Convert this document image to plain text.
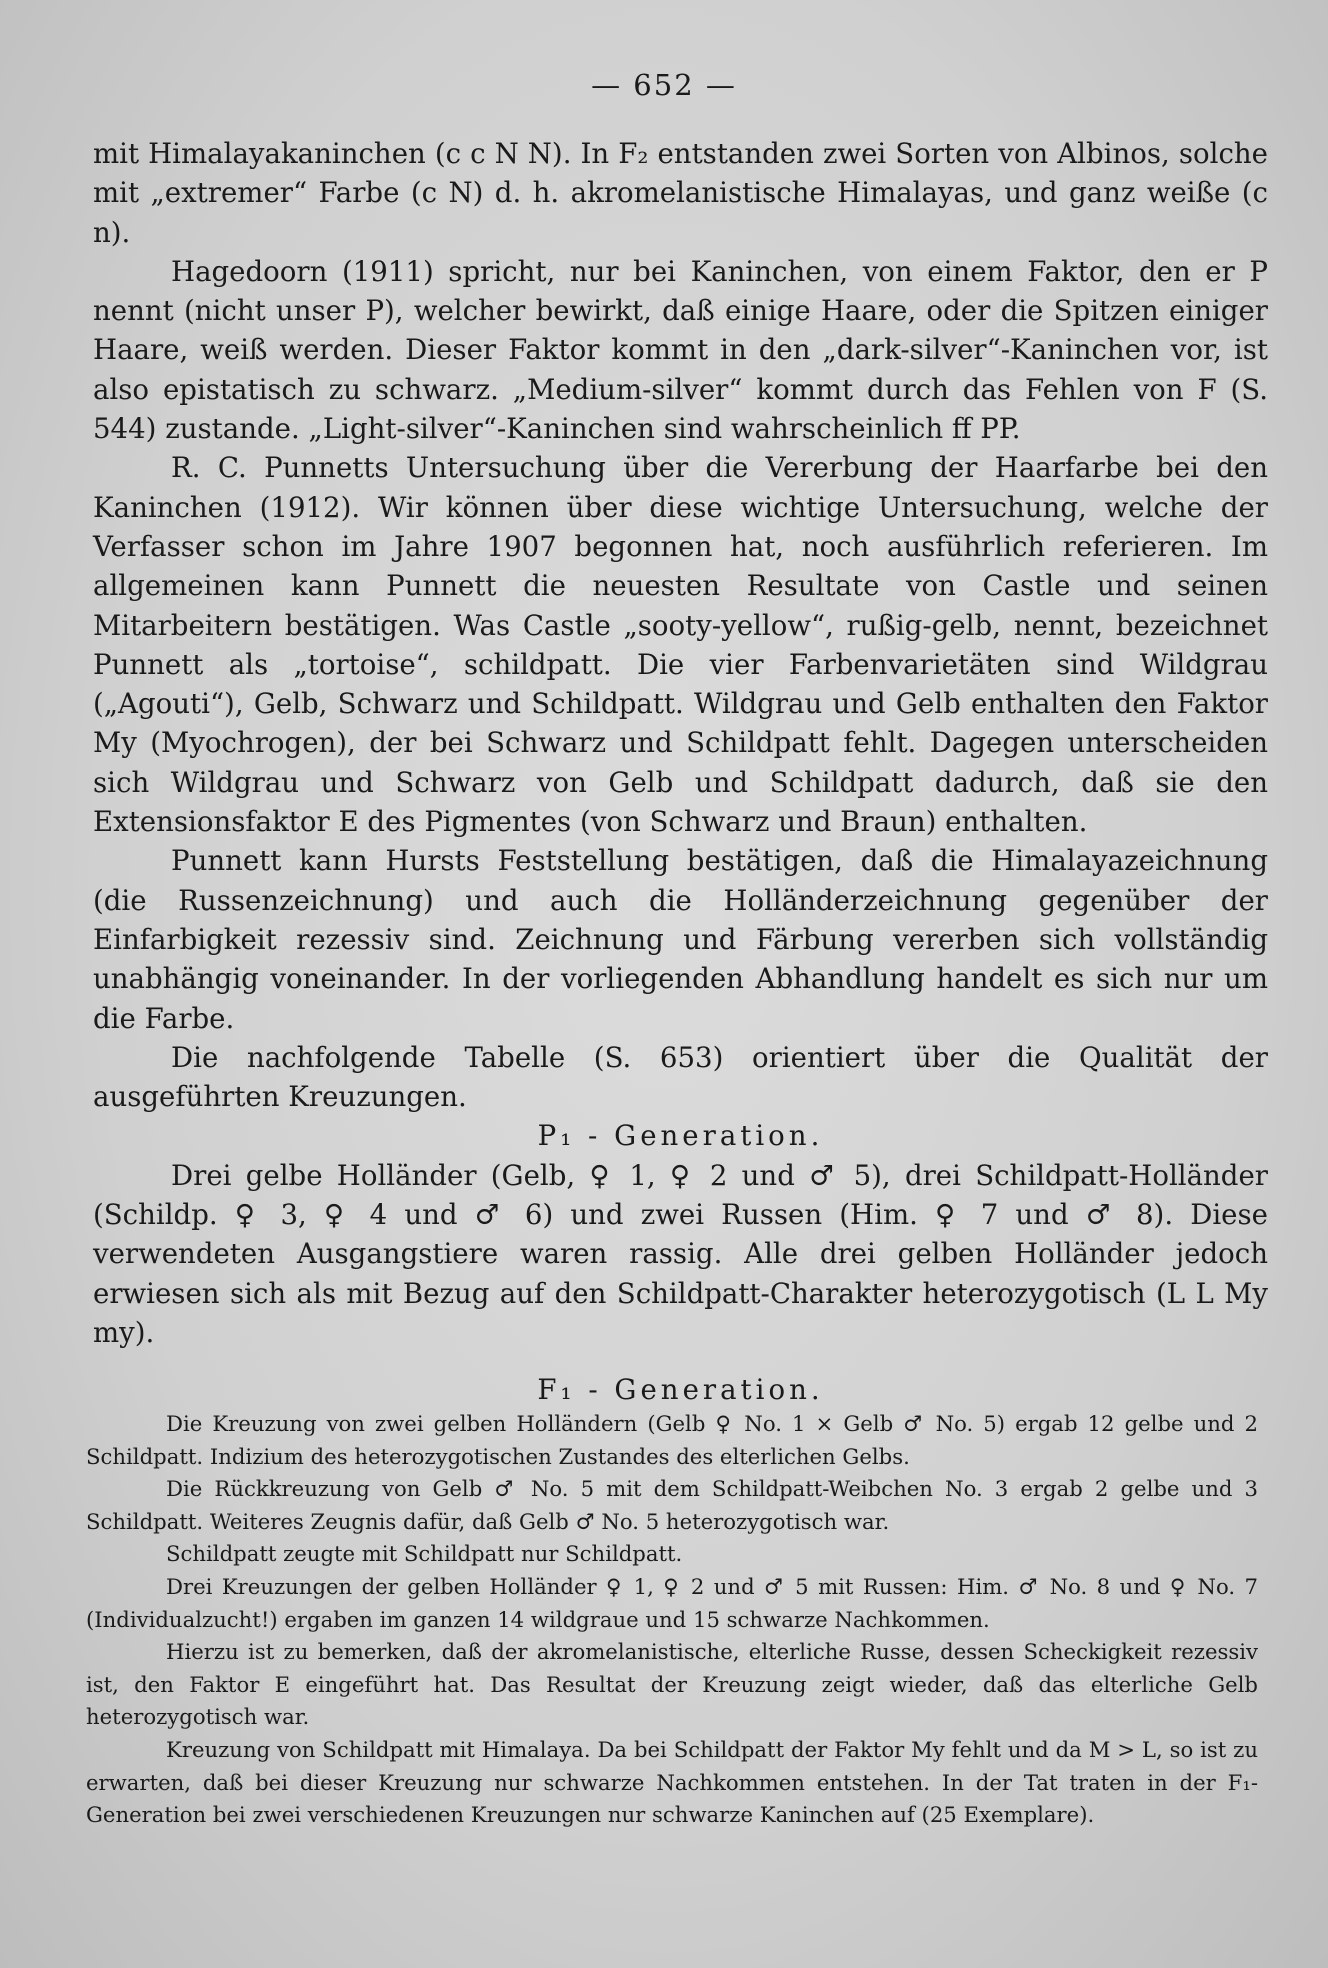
— 652 —

mit Himalayakaninchen (c c N N). In F₂ entstanden zwei Sorten von Albinos, solche mit „extremer“ Farbe (c N) d. h. akromelanistische Himalayas, und ganz weiße (c n).

Hagedoorn (1911) spricht, nur bei Kaninchen, von einem Faktor, den er P nennt (nicht unser P), welcher bewirkt, daß einige Haare, oder die Spitzen einiger Haare, weiß werden. Dieser Faktor kommt in den „dark-silver“-Kaninchen vor, ist also epistatisch zu schwarz. „Medium-silver“ kommt durch das Fehlen von F (S. 544) zustande. „Light-silver“-Kaninchen sind wahrscheinlich ff PP.

R. C. Punnetts Untersuchung über die Vererbung der Haarfarbe bei den Kaninchen (1912). Wir können über diese wichtige Untersuchung, welche der Verfasser schon im Jahre 1907 begonnen hat, noch ausführlich referieren. Im allgemeinen kann Punnett die neuesten Resultate von Castle und seinen Mitarbeitern bestätigen. Was Castle „sooty-yellow“, rußig-gelb, nennt, bezeichnet Punnett als „tortoise“, schildpatt. Die vier Farbenvarietäten sind Wildgrau („Agouti“), Gelb, Schwarz und Schildpatt. Wildgrau und Gelb enthalten den Faktor My (Myochrogen), der bei Schwarz und Schildpatt fehlt. Dagegen unterscheiden sich Wildgrau und Schwarz von Gelb und Schildpatt dadurch, daß sie den Extensionsfaktor E des Pigmentes (von Schwarz und Braun) enthalten.

Punnett kann Hursts Feststellung bestätigen, daß die Himalayazeichnung (die Russenzeichnung) und auch die Holländerzeichnung gegenüber der Einfarbigkeit rezessiv sind. Zeichnung und Färbung vererben sich vollständig unabhängig voneinander. In der vorliegenden Abhandlung handelt es sich nur um die Farbe.

Die nachfolgende Tabelle (S. 653) orientiert über die Qualität der ausgeführten Kreuzungen.

P₁ - Generation.

Drei gelbe Holländer (Gelb, ♀ 1, ♀ 2 und ♂ 5), drei Schildpatt-Holländer (Schildp. ♀ 3, ♀ 4 und ♂ 6) und zwei Russen (Him. ♀ 7 und ♂ 8). Diese verwendeten Ausgangstiere waren rassig. Alle drei gelben Holländer jedoch erwiesen sich als mit Bezug auf den Schildpatt-Charakter heterozygotisch (L L My my).

F₁ - Generation.

Die Kreuzung von zwei gelben Holländern (Gelb ♀ No. 1 × Gelb ♂ No. 5) ergab 12 gelbe und 2 Schildpatt. Indizium des heterozygotischen Zustandes des elterlichen Gelbs.

Die Rückkreuzung von Gelb ♂ No. 5 mit dem Schildpatt-Weibchen No. 3 ergab 2 gelbe und 3 Schildpatt. Weiteres Zeugnis dafür, daß Gelb ♂ No. 5 heterozygotisch war.

Schildpatt zeugte mit Schildpatt nur Schildpatt.

Drei Kreuzungen der gelben Holländer ♀ 1, ♀ 2 und ♂ 5 mit Russen: Him. ♂ No. 8 und ♀ No. 7 (Individualzucht!) ergaben im ganzen 14 wildgraue und 15 schwarze Nachkommen.

Hierzu ist zu bemerken, daß der akromelanistische, elterliche Russe, dessen Scheckigkeit rezessiv ist, den Faktor E eingeführt hat. Das Resultat der Kreuzung zeigt wieder, daß das elterliche Gelb heterozygotisch war.

Kreuzung von Schildpatt mit Himalaya. Da bei Schildpatt der Faktor My fehlt und da M > L, so ist zu erwarten, daß bei dieser Kreuzung nur schwarze Nachkommen entstehen. In der Tat traten in der F₁-Generation bei zwei verschiedenen Kreuzungen nur schwarze Kaninchen auf (25 Exemplare).
